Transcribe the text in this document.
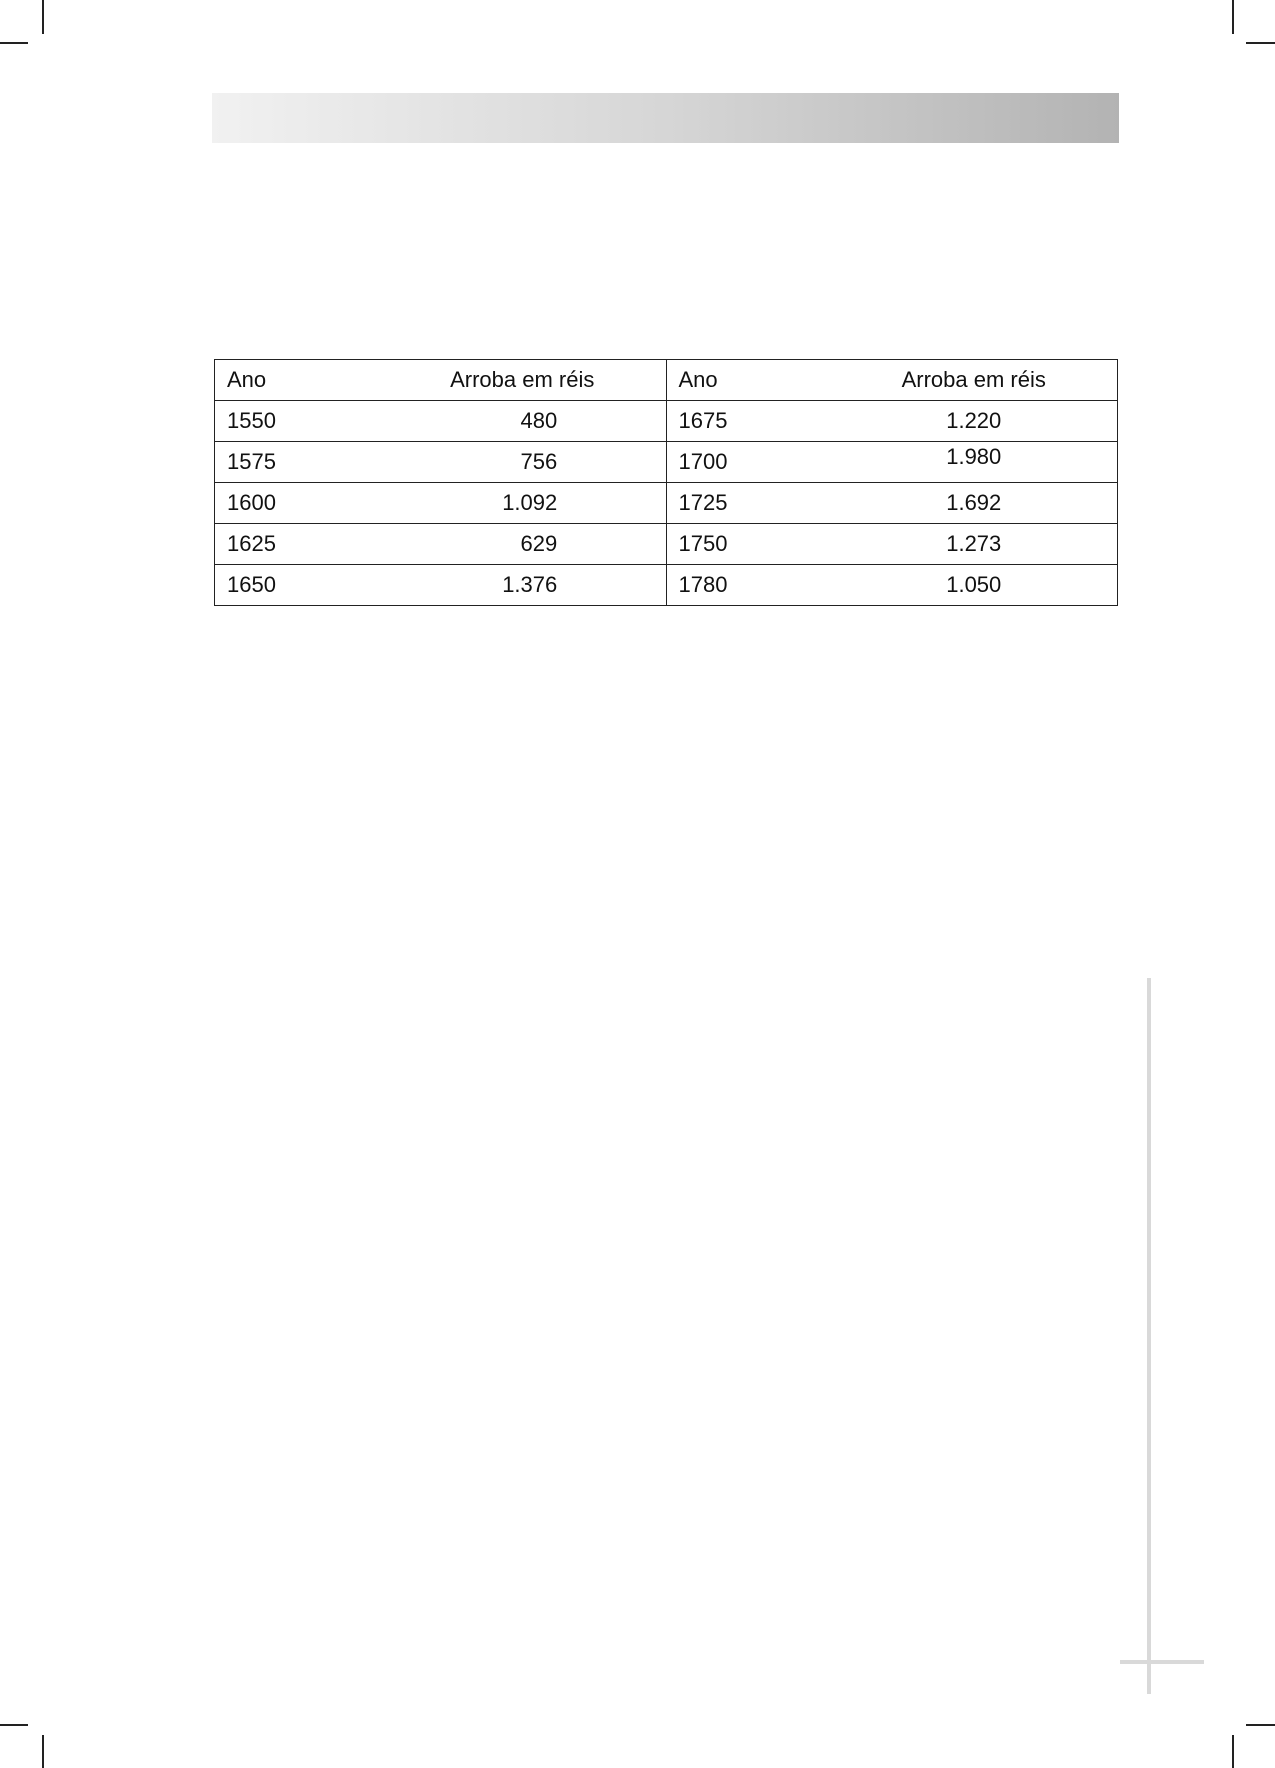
Ano	Arroba em réis	Ano	Arroba em réis
1550	480	1675	1.220
1575	756	1700	1.980
1600	1.092	1725	1.692
1625	629	1750	1.273
1650	1.376	1780	1.050
